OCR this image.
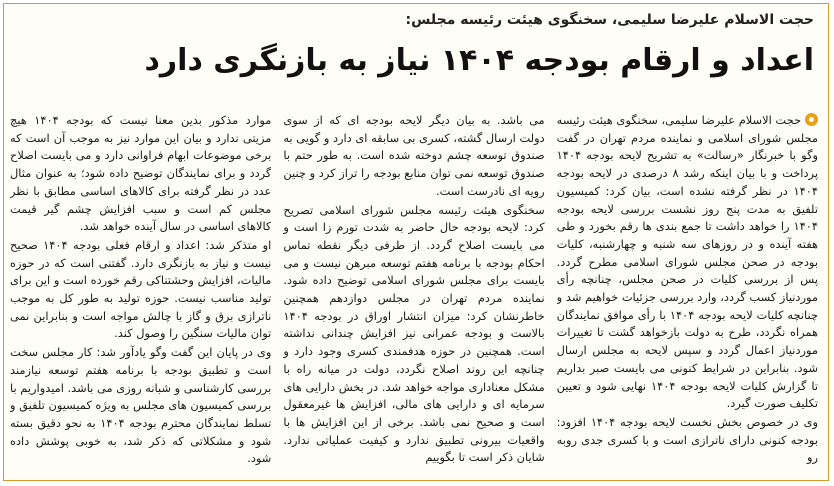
حجت الاسلام علیرضا سلیمی، سخنگوی هیئت رئیسه مجلس:
اعداد و ارقام بودجه ۱۴۰۴ نیاز به بازنگری دارد

حجت الاسلام علیرضا سلیمی، سخنگوی هیئت رئیسه مجلس شورای اسلامی و نماینده مردم تهران در گفت وگو با خبرنگار «رسالت» به تشریح لایحه بودجه ۱۴۰۴ پرداخت و با بیان اینکه رشد ۸ درصدی در لایحه بودجه ۱۴۰۴ در نظر گرفته نشده است، بیان کرد: کمیسیون تلفیق به مدت پنج روز نشست بررسی لایحه بودجه ۱۴۰۴ را خواهد داشت تا جمع بندی ها رقم بخورد و طی هفته آینده و در روزهای سه شنبه و چهارشنبه، کلیات بودجه در صحن مجلس شورای اسلامی مطرح گردد. پس از بررسی کلیات در صحن مجلس، چنانچه رأی موردنیاز کسب گردد، وارد بررسی جزئیات خواهیم شد و چنانچه کلیات لایحه بودجه ۱۴۰۴ با رأی موافق نمایندگان همراه نگردد، طرح به دولت بازخواهد گشت تا تغییرات موردنیاز اعمال گردد و سپس لایحه به مجلس ارسال شود. بنابراین در شرایط کنونی می بایست صبر بداریم تا گزارش کلیات لایحه بودجه ۱۴۰۴ نهایی شود و تعیین تکلیف صورت گیرد.

وی در خصوص بخش نخست لایحه بودجه ۱۴۰۴ افزود: بودجه کنونی دارای ناترازی است و با کسری جدی روبه رو

می باشد. به بیان دیگر لایحه بودجه ای که از سوی دولت ارسال گشته، کسری بی سابقه ای دارد و گویی به صندوق توسعه چشم دوخته شده است. به طور حتم با صندوق توسعه نمی توان منابع بودجه را تراز کرد و چنین رویه ای نادرست است.

سخنگوی هیئت رئیسه مجلس شورای اسلامی تصریح کرد: لایحه بودجه حال حاضر به شدت تورم زا است و می بایست اصلاح گردد. از طرفی دیگر نقطه تماس احکام بودجه با برنامه هفتم توسعه مبرهن نیست و می بایست برای مجلس شورای اسلامی توضیح داده شود. نماینده مردم تهران در مجلس دوازدهم همچنین خاطرنشان کرد: میزان انتشار اوراق در بودجه ۱۴۰۴ بالاست و بودجه عمرانی نیز افزایش چندانی نداشته است. همچنین در حوزه هدفمندی کسری وجود دارد و چنانچه این روند اصلاح نگردد، دولت در میانه راه با مشکل معناداری مواجه خواهد شد. در بخش دارایی های سرمایه ای و دارایی های مالی، افزایش ها غیرمعقول است و صحیح نمی باشد. برخی از این افزایش ها با واقعیات بیرونی تطبیق ندارد و کیفیت عملیاتی ندارد. شایان ذکر است تا بگوییم

موارد مذکور بدین معنا نیست که بودجه ۱۴۰۴ هیچ مزیتی ندارد و بیان این موارد نیز به موجب آن است که برخی موضوعات ابهام فراوانی دارد و می بایست اصلاح گردد و برای نمایندگان توضیح داده شود؛ به عنوان مثال عدد در نظر گرفته برای کالاهای اساسی مطابق با نظر مجلس کم است و سبب افزایش چشم گیر قیمت کالاهای اساسی در سال آینده خواهد شد.

او متذکر شد: اعداد و ارقام فعلی بودجه ۱۴۰۴ صحیح نیست و نیاز به بازنگری دارد. گفتنی است که در حوزه مالیات، افزایش وحشتناکی رقم خورده است و این برای تولید مناسب نیست. حوزه تولید به طور کل به موجب ناترازی برق و گاز با چالش مواجه است و بنابراین نمی توان مالیات سنگین را وصول کند.

وی در پایان این گفت وگو یادآور شد: کار مجلس سخت است و تطبیق بودجه با برنامه هفتم توسعه نیازمند بررسی کارشناسی و شبانه روزی می باشد. امیدواریم با بررسی کمیسیون های مجلس به ویژه کمیسیون تلفیق و تسلط نمایندگان محترم بودجه ۱۴۰۴ به نحو دقیق بسته شود و مشکلاتی که ذکر شد، به خوبی پوشش داده شود.
